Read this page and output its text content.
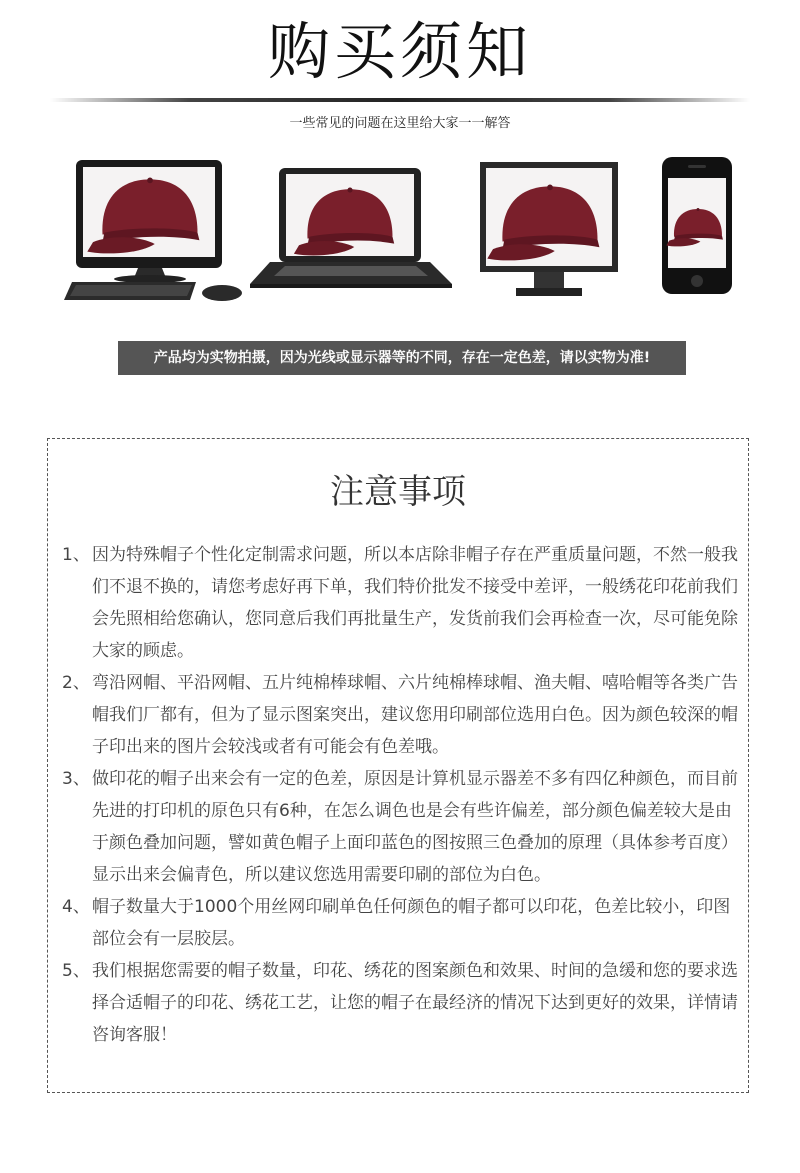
购买须知
一些常见的问题在这里给大家一一解答
产品均为实物拍摄，因为光线或显示器等的不同，存在一定色差，请以实物为准!
注意事项
1、 因为特殊帽子个性化定制需求问题，所以本店除非帽子存在严重质量问题，不然一般我们不退不换的，请您考虑好再下单，我们特价批发不接受中差评，一般绣花印花前我们会先照相给您确认，您同意后我们再批量生产，发货前我们会再检查一次，尽可能免除大家的顾虑。
2、 弯沿网帽、平沿网帽、五片纯棉棒球帽、六片纯棉棒球帽、渔夫帽、嘻哈帽等各类广告帽我们厂都有，但为了显示图案突出，建议您用印刷部位选用白色。因为颜色较深的帽子印出来的图片会较浅或者有可能会有色差哦。
3、 做印花的帽子出来会有一定的色差，原因是计算机显示器差不多有四亿种颜色，而目前先进的打印机的原色只有6种，在怎么调色也是会有些许偏差，部分颜色偏差较大是由于颜色叠加问题，譬如黄色帽子上面印蓝色的图按照三色叠加的原理（具体参考百度）显示出来会偏青色，所以建议您选用需要印刷的部位为白色。
4、 帽子数量大于1000个用丝网印刷单色任何颜色的帽子都可以印花，色差比较小，印图部位会有一层胶层。
5、 我们根据您需要的帽子数量，印花、绣花的图案颜色和效果、时间的急缓和您的要求选择合适帽子的印花、绣花工艺，让您的帽子在最经济的情况下达到更好的效果，详情请咨询客服！
